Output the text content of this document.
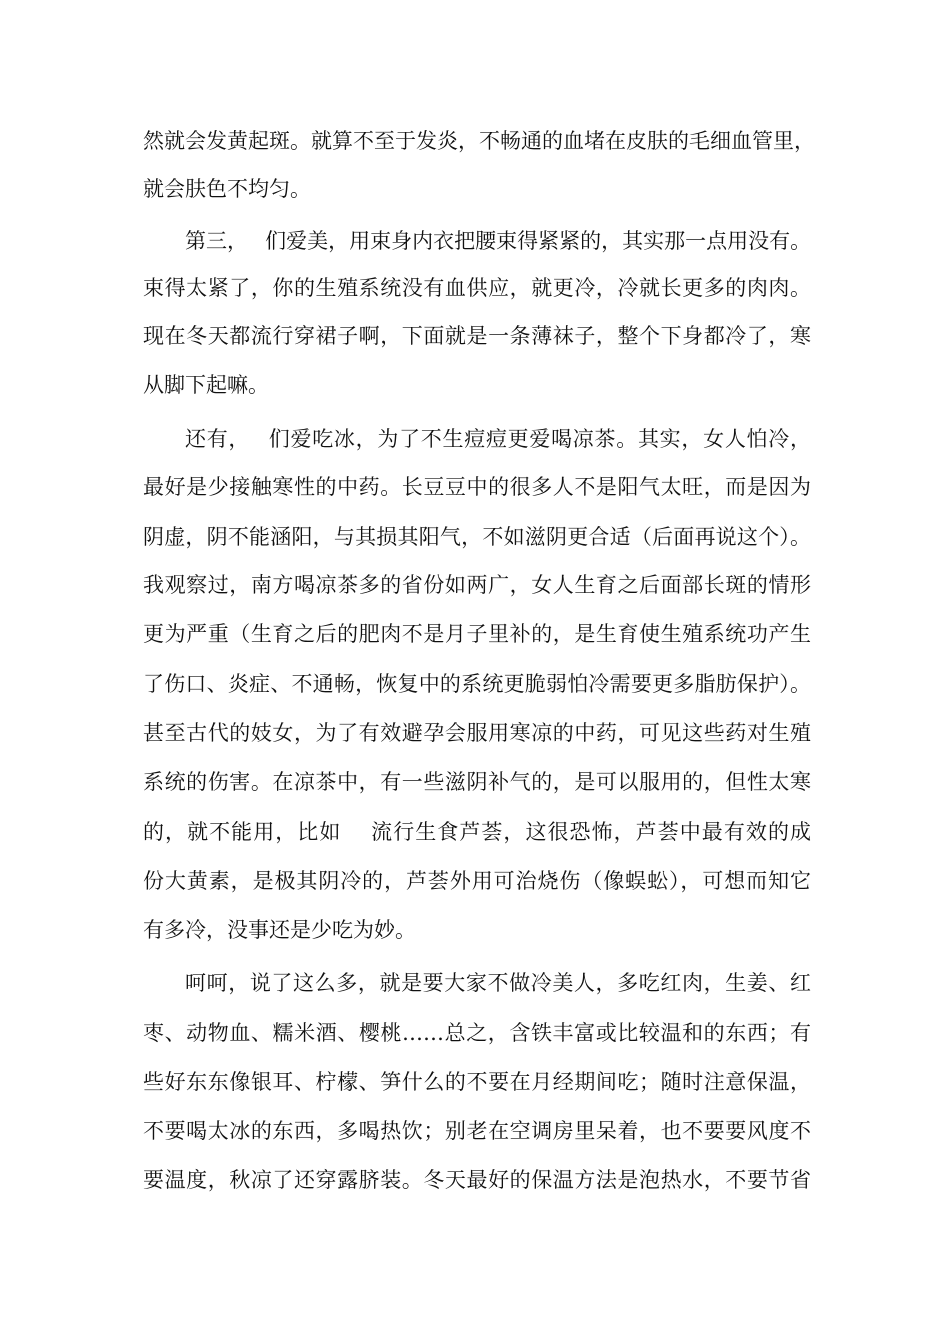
然就会发黄起斑。就算不至于发炎，不畅通的血堵在皮肤的毛细血管里，
就会肤色不均匀。
第三，　 们爱美，用束身内衣把腰束得紧紧的，其实那一点用没有。
束得太紧了，你的生殖系统没有血供应，就更冷，冷就长更多的肉肉。
现在冬天都流行穿裙子啊，下面就是一条薄袜子，整个下身都冷了，寒
从脚下起嘛。
还有，　 们爱吃冰，为了不生痘痘更爱喝凉茶。其实，女人怕冷，
最好是少接触寒性的中药。长豆豆中的很多人不是阳气太旺，而是因为
阴虚，阴不能涵阳，与其损其阳气，不如滋阴更合适（后面再说这个）。
我观察过，南方喝凉茶多的省份如两广，女人生育之后面部长斑的情形
更为严重（生育之后的肥肉不是月子里补的，是生育使生殖系统功产生
了伤口、炎症、不通畅，恢复中的系统更脆弱怕冷需要更多脂肪保护）。
甚至古代的妓女，为了有效避孕会服用寒凉的中药，可见这些药对生殖
系统的伤害。在凉茶中，有一些滋阴补气的，是可以服用的，但性太寒
的，就不能用，比如　 流行生食芦荟，这很恐怖，芦荟中最有效的成
份大黄素，是极其阴冷的，芦荟外用可治烧伤（像蜈蚣），可想而知它
有多冷，没事还是少吃为妙。
呵呵，说了这么多，就是要大家不做冷美人，多吃红肉，生姜、红
枣、动物血、糯米酒、樱桃……总之，含铁丰富或比较温和的东西；有
些好东东像银耳、柠檬、笋什么的不要在月经期间吃；随时注意保温，
不要喝太冰的东西，多喝热饮；别老在空调房里呆着，也不要要风度不
要温度，秋凉了还穿露脐装。冬天最好的保温方法是泡热水，不要节省
